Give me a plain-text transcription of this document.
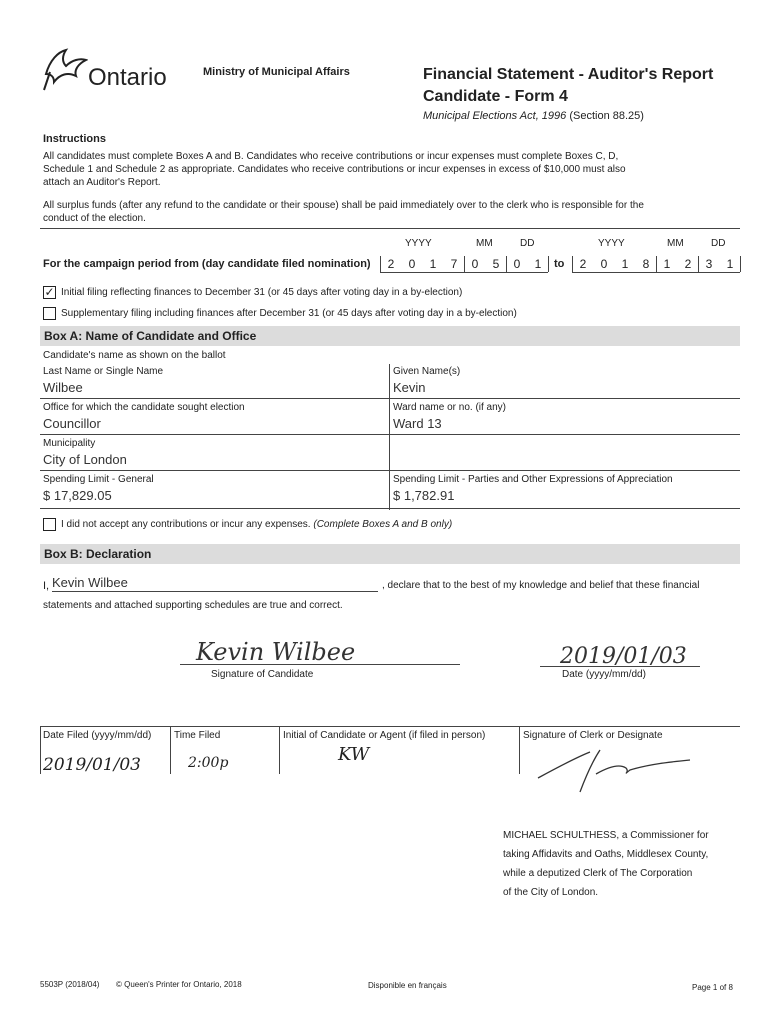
Ontario	Ministry of Municipal Affairs	Financial Statement - Auditor's Report
Candidate - Form 4
Municipal Elections Act, 1996 (Section 88.25)
Instructions
All candidates must complete Boxes A and B. Candidates who receive contributions or incur expenses must complete Boxes C, D,
Schedule 1 and Schedule 2 as appropriate. Candidates who receive contributions or incur expenses in excess of $10,000 must also
attach an Auditor's Report.
All surplus funds (after any refund to the candidate or their spouse) shall be paid immediately over to the clerk who is responsible for the
conduct of the election.
YYYY	MM	DD	YYYY	MM	DD
For the campaign period from (day candidate filed nomination)	2	0	1	7	0	5	0	1	to	2	0	1	8	1	2	3	1
✓ Initial filing reflecting finances to December 31 (or 45 days after voting day in a by-election)
Supplementary filing including finances after December 31 (or 45 days after voting day in a by-election)
Box A: Name of Candidate and Office
Candidate's name as shown on the ballot
Last Name or Single Name
Wilbee
Given Name(s)
Kevin
Office for which the candidate sought election
Councillor
Ward name or no. (if any)
Ward 13
Municipality
City of London
Spending Limit - General
$ 17,829.05
Spending Limit - Parties and Other Expressions of Appreciation
$ 1,782.91
I did not accept any contributions or incur any expenses. (Complete Boxes A and B only)
Box B: Declaration
I, Kevin Wilbee	, declare that to the best of my knowledge and belief that these financial
statements and attached supporting schedules are true and correct.
Kevin Wilbee
Signature of Candidate
2019/01/03
Date (yyyy/mm/dd)
Date Filed (yyyy/mm/dd)
2019/01/03
Time Filed
2:00p
Initial of Candidate or Agent (if filed in person)
KW
Signature of Clerk or Designate
MICHAEL SCHULTHESS, a Commissioner for
taking Affidavits and Oaths, Middlesex County,
while a deputized Clerk of The Corporation
of the City of London.
5503P (2018/04) © Queen's Printer for Ontario, 2018	Disponible en français	Page 1 of 8
